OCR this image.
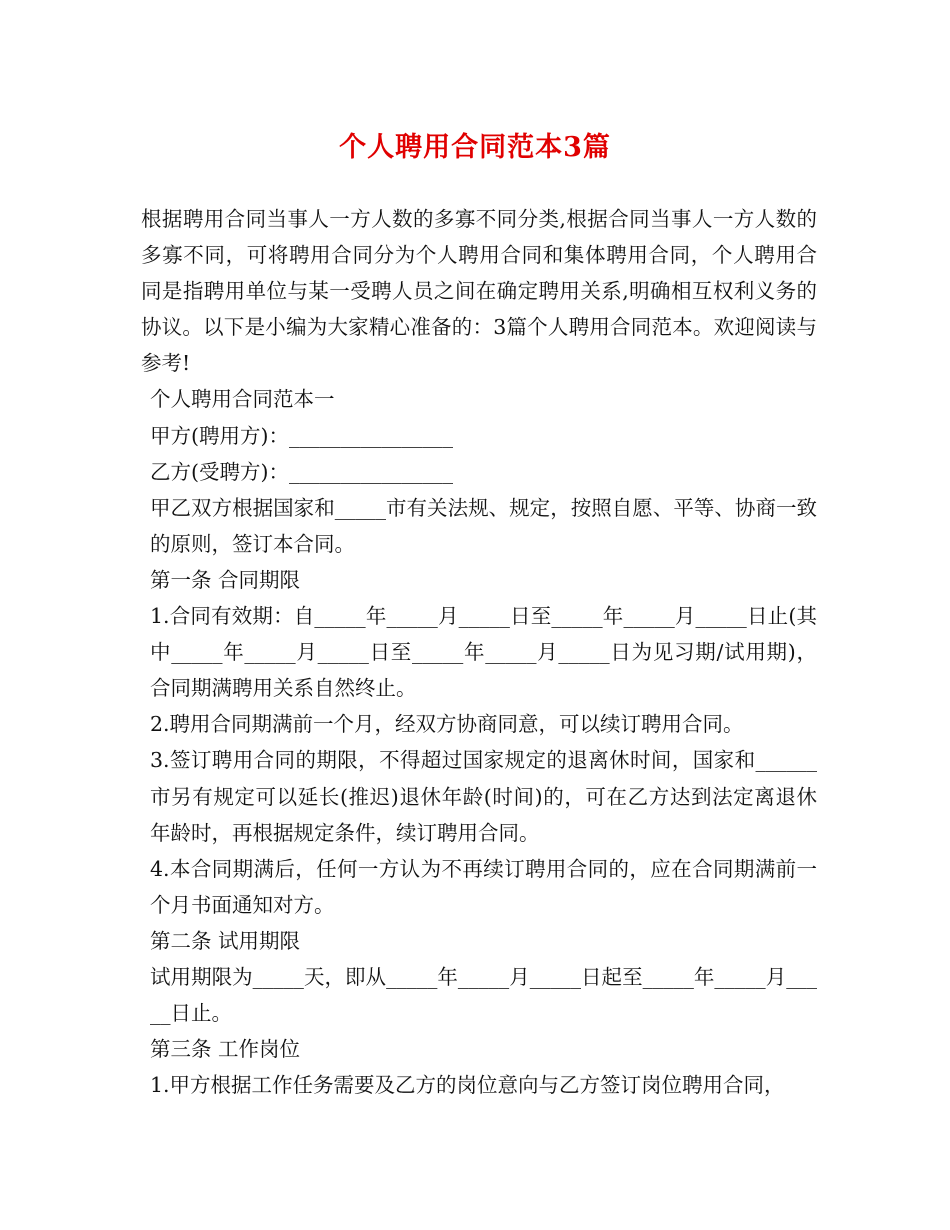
个人聘用合同范本3篇

根据聘用合同当事人一方人数的多寡不同分类,根据合同当事人一方人数的多寡不同，可将聘用合同分为个人聘用合同和集体聘用合同，个人聘用合同是指聘用单位与某一受聘人员之间在确定聘用关系,明确相互权利义务的协议。以下是小编为大家精心准备的：3篇个人聘用合同范本。欢迎阅读与参考!

个人聘用合同范本一

甲方(聘用方)：________________

乙方(受聘方)：________________

甲乙双方根据国家和_____市有关法规、规定，按照自愿、平等、协商一致的原则，签订本合同。

第一条 合同期限

1.合同有效期：自_____年_____月_____日至_____年_____月_____日止(其中_____年_____月_____日至_____年_____月_____日为见习期/试用期)，合同期满聘用关系自然终止。

2.聘用合同期满前一个月，经双方协商同意，可以续订聘用合同。

3.签订聘用合同的期限，不得超过国家规定的退离休时间，国家和______市另有规定可以延长(推迟)退休年龄(时间)的，可在乙方达到法定离退休年龄时，再根据规定条件，续订聘用合同。

4.本合同期满后，任何一方认为不再续订聘用合同的，应在合同期满前一个月书面通知对方。

第二条 试用期限

试用期限为_____天，即从_____年_____月_____日起至_____年_____月_____日止。

第三条 工作岗位

1.甲方根据工作任务需要及乙方的岗位意向与乙方签订岗位聘用合同，
